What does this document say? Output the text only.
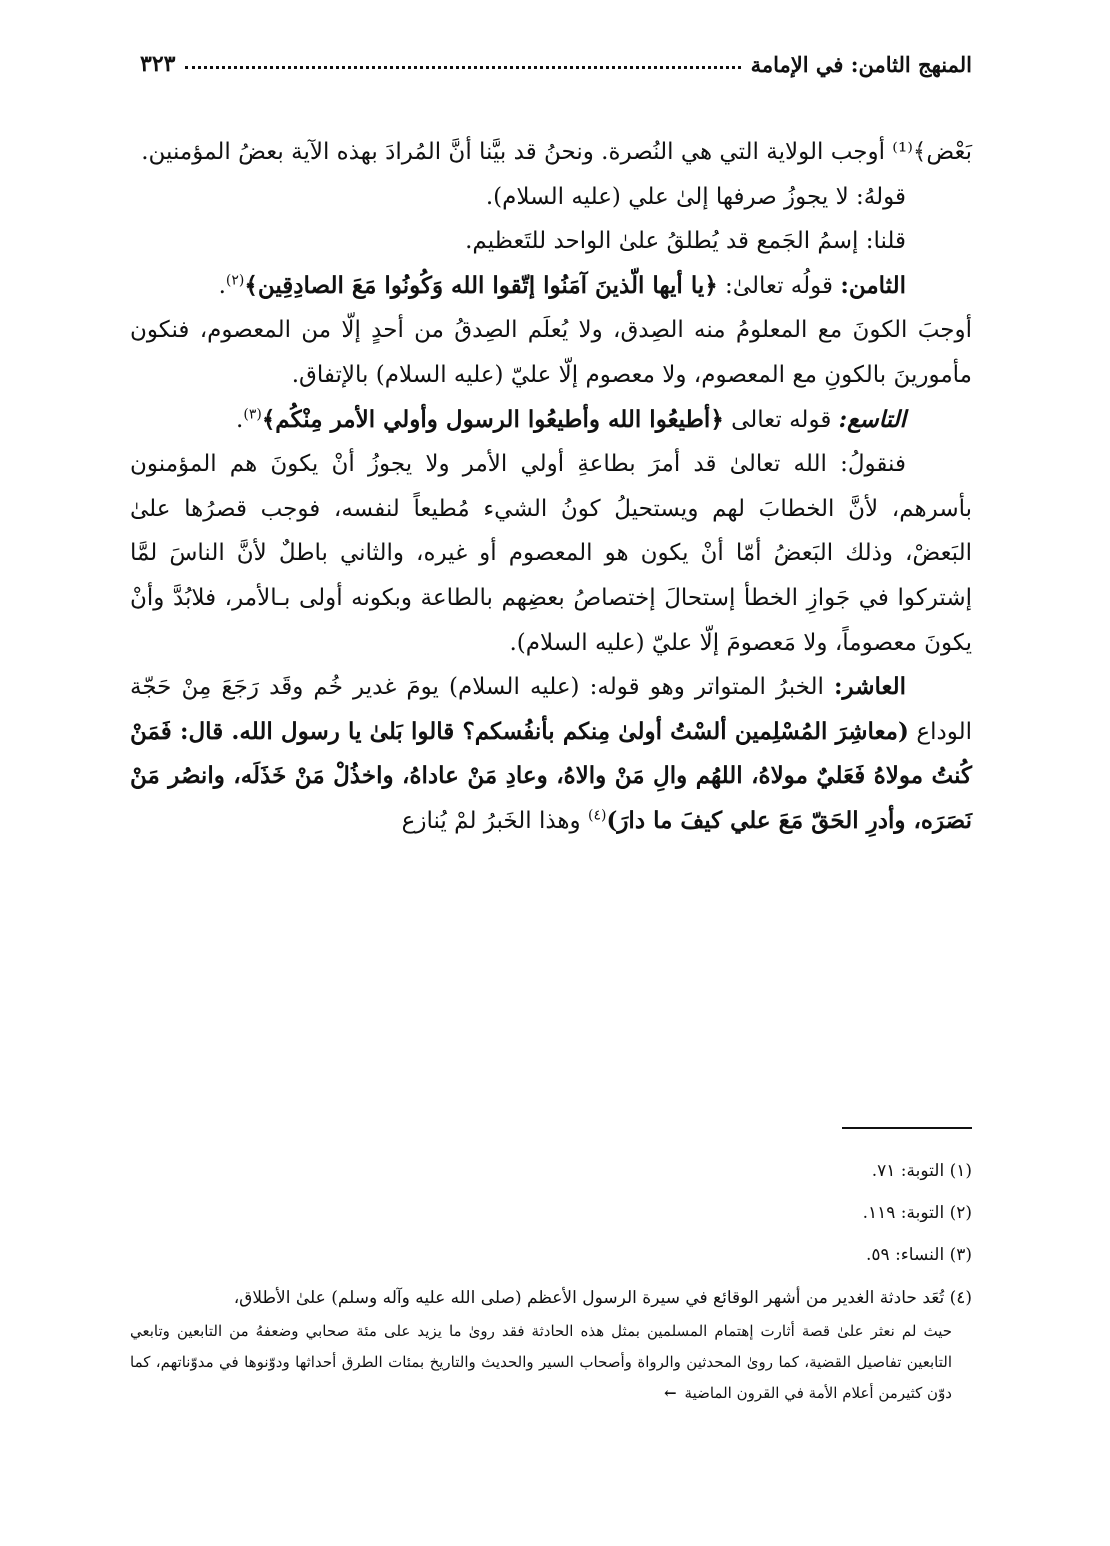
المنهج الثامن: في الإمامة
٣٢٣

بَعْض﴾⁽¹⁾ أوجب الولاية التي هي النُصرة. ونحنُ قد بيَّنا أنَّ المُرادَ بهذه الآية بعضُ المؤمنين.

قولهُ: لا يجوزُ صرفها إلىٰ علي (عليه السلام).

قلنا: إسمُ الجَمع قد يُطلقُ علىٰ الواحد للتَعظيم.

الثامن: قولُه تعالىٰ: ﴿يا أيها الّذينَ آمَنُوا إتّقوا الله وَكُونُوا مَعَ الصادِقِين﴾$^{(٢)}$.

أوجبَ الكونَ مع المعلومُ منه الصِدق، ولا يُعلَم الصِدقُ من أحدٍ إلّا من المعصوم، فنكون مأمورينَ بالكونِ مع المعصوم، ولا معصوم إلّا عليّ (عليه السلام) بالإتفاق.

التاسع: قوله تعالى ﴿أطيعُوا الله وأطيعُوا الرسول وأولي الأمر مِنْكُم﴾$^{(٣)}$.

فنقولُ: الله تعالىٰ قد أمرَ بطاعةِ أولي الأمر ولا يجوزُ أنْ يكونَ هم المؤمنون بأسرهم، لأنَّ الخطابَ لهم ويستحيلُ كونُ الشيء مُطيعاً لنفسه، فوجب قصرُها علىٰ البَعضْ، وذلك البَعضُ أمّا أنْ يكون هو المعصوم أو غيره، والثاني باطلٌ لأنَّ الناسَ لمَّا إشتركوا في جَوازِ الخطأ إستحالَ إختصاصُ بعضِهم بالطاعة وبكونه أولى بـالأمر، فلابُدَّ وأنْ يكونَ معصوماً، ولا مَعصومَ إلّا عليّ (عليه السلام).

العاشر: الخبرُ المتواتر وهو قوله: (عليه السلام) يومَ غدير خُم وقَد رَجَعَ مِنْ حَجّة الوداع (معاشِرَ المُسْلِمين ألسْتُ أولىٰ مِنكم بأنفُسكم؟ قالوا بَلىٰ يا رسول الله. قال: فَمَنْ كُنتُ مولاهُ فَعَليٌ مولاهُ، اللهُم والِ مَنْ والاهُ، وعادِ مَنْ عاداهُ، واخذُلْ مَنْ خَذَلَه، وانصُر مَنْ نَصَرَه، وأدرِ الحَقّ مَعَ علي كيفَ ما دارَ)$^{(٤)}$ وهذا الخَبرُ لمْ يُنازع

(١) التوبة: ٧١.

(٢) التوبة: ١١٩.

(٣) النساء: ٥٩.

(٤) تُعَد حادثة الغدير من أشهر الوقائع في سيرة الرسول الأعظم (صلى الله عليه وآله وسلم) علىٰ الأطلاق،

حيث لم نعثر علىٰ قصة أثارت إهتمام المسلمين بمثل هذه الحادثة فقد روىٰ ما يزيد على مئة صحابي وضعفهُ من التابعين وتابعي التابعين تفاصيل القضية، كما روىٰ المحدثين والرواة وأصحاب السير والحديث والتاريخ بمئات الطرق أحداثها ودوّنوها في مدوّناتهم، كما دوّن كثيرمن أعلام الأمة في القرون الماضية←
